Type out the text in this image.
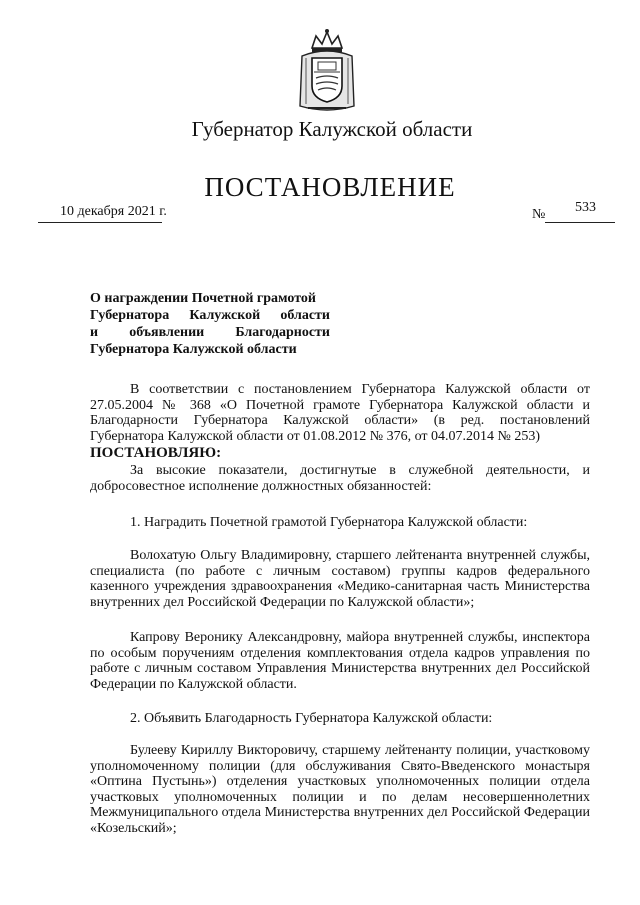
Губернатор Калужской области
ПОСТАНОВЛЕНИЕ
10 декабря 2021 г.	№ 533
О награждении Почетной грамотой
Губернатора Калужской области
и объявлении Благодарности
Губернатора Калужской области
В соответствии с постановлением Губернатора Калужской области от 27.05.2004 № 368 «О Почетной грамоте Губернатора Калужской области и Благодарности Губернатора Калужской области» (в ред. постановлений Губернатора Калужской области от 01.08.2012 № 376, от 04.07.2014 № 253)
ПОСТАНОВЛЯЮ:
За высокие показатели, достигнутые в служебной деятельности, и добросовестное исполнение должностных обязанностей:
1. Наградить Почетной грамотой Губернатора Калужской области:
Волохатую Ольгу Владимировну, старшего лейтенанта внутренней службы, специалиста (по работе с личным составом) группы кадров федерального казенного учреждения здравоохранения «Медико-санитарная часть Министерства внутренних дел Российской Федерации по Калужской области»;
Капрову Веронику Александровну, майора внутренней службы, инспектора по особым поручениям отделения комплектования отдела кадров управления по работе с личным составом Управления Министерства внутренних дел Российской Федерации по Калужской области.
2. Объявить Благодарность Губернатора Калужской области:
Булееву Кириллу Викторовичу, старшему лейтенанту полиции, участковому уполномоченному полиции (для обслуживания Свято-Введенского монастыря «Оптина Пустынь») отделения участковых уполномоченных полиции отдела участковых уполномоченных полиции и по делам несовершеннолетних Межмуниципального отдела Министерства внутренних дел Российской Федерации «Козельский»;
